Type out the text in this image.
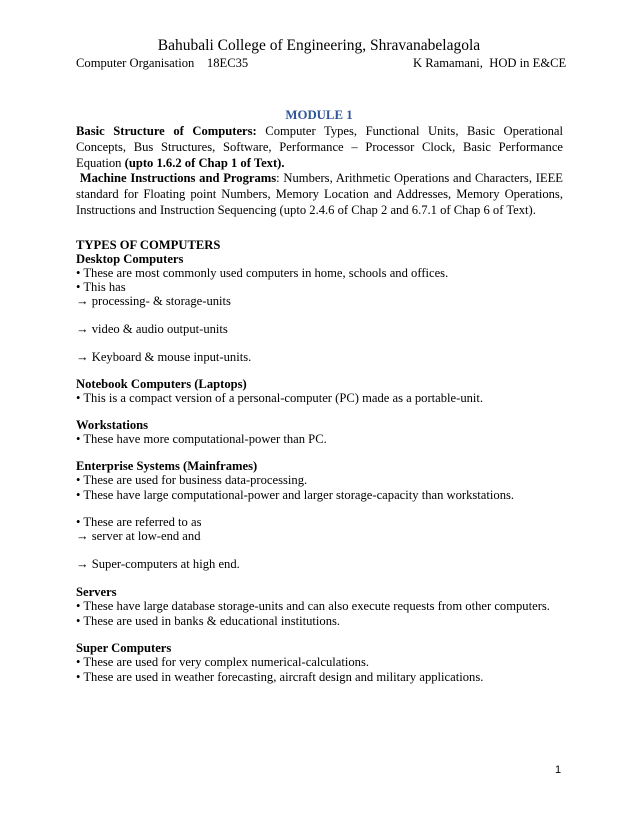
Bahubali College of Engineering, Shravanabelagola
Computer Organisation    18EC35	K Ramamani,  HOD in E&CE
MODULE 1
Basic Structure of Computers: Computer Types, Functional Units, Basic Operational Concepts, Bus Structures, Software, Performance – Processor Clock, Basic Performance Equation (upto 1.6.2 of Chap 1 of Text).
Machine Instructions and Programs: Numbers, Arithmetic Operations and Characters, IEEE standard for Floating point Numbers, Memory Location and Addresses, Memory Operations, Instructions and Instruction Sequencing (upto 2.4.6 of Chap 2 and 6.7.1 of Chap 6 of Text).
TYPES OF COMPUTERS
Desktop Computers
• These are most commonly used computers in home, schools and offices.
• This has
→ processing- & storage-units
→ video & audio output-units
→ Keyboard & mouse input-units.
Notebook Computers (Laptops)
• This is a compact version of a personal-computer (PC) made as a portable-unit.
Workstations
• These have more computational-power than PC.
Enterprise Systems (Mainframes)
• These are used for business data-processing.
• These have large computational-power and larger storage-capacity than workstations.
• These are referred to as
→ server at low-end and
→ Super-computers at high end.
Servers
• These have large database storage-units and can also execute requests from other computers.
• These are used in banks & educational institutions.
Super Computers
• These are used for very complex numerical-calculations.
• These are used in weather forecasting, aircraft design and military applications.
1
